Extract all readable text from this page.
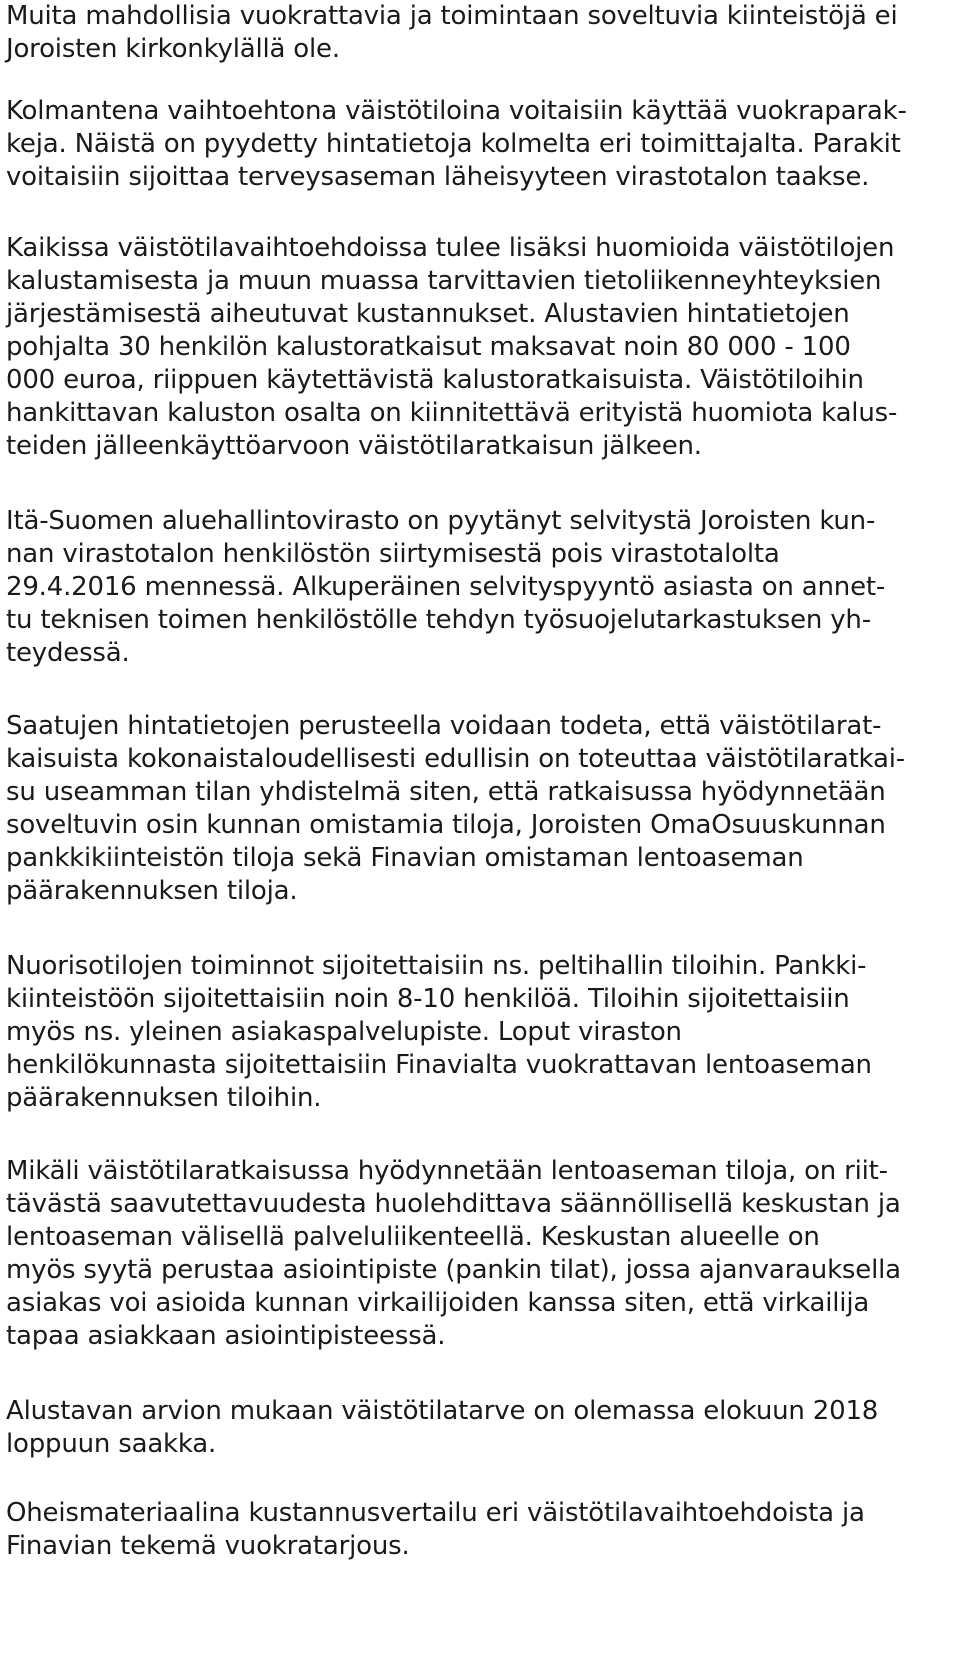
Muita mahdollisia vuokrattavia ja toimintaan soveltuvia kiinteistöjä ei
Joroisten kirkonkylällä ole.
Kolmantena vaihtoehtona väistötiloina voitaisiin käyttää vuokraparak-
keja. Näistä on pyydetty hintatietoja kolmelta eri toimittajalta. Parakit
voitaisiin sijoittaa terveysaseman läheisyyteen virastotalon taakse.
Kaikissa väistötilavaihtoehdoissa tulee lisäksi huomioida väistötilojen
kalustamisesta ja muun muassa tarvittavien tietoliikenneyhteyksien
järjestämisestä aiheutuvat kustannukset. Alustavien hintatietojen
pohjalta 30 henkilön kalustoratkaisut maksavat noin 80 000 - 100
000 euroa, riippuen käytettävistä kalustoratkaisuista. Väistötiloihin
hankittavan kaluston osalta on kiinnitettävä erityistä huomiota kalus-
teiden jälleenkäyttöarvoon väistötilaratkaisun jälkeen.
Itä-Suomen aluehallintovirasto on pyytänyt selvitystä Joroisten kun-
nan virastotalon henkilöstön siirtymisestä pois virastotalolta
29.4.2016 mennessä. Alkuperäinen selvityspyyntö asiasta on annet-
tu teknisen toimen henkilöstölle tehdyn työsuojelutarkastuksen yh-
teydessä.
Saatujen hintatietojen perusteella voidaan todeta, että väistötilarat-
kaisuista kokonaistaloudellisesti edullisin on toteuttaa väistötilaratkai-
su useamman tilan yhdistelmä siten, että ratkaisussa hyödynnetään
soveltuvin osin kunnan omistamia tiloja, Joroisten OmaOsuuskunnan
pankkikiinteistön tiloja sekä Finavian omistaman lentoaseman
päärakennuksen tiloja.
Nuorisotilojen toiminnot sijoitettaisiin ns. peltihallin tiloihin. Pankki-
kiinteistöön sijoitettaisiin noin 8-10 henkilöä. Tiloihin sijoitettaisiin
myös ns. yleinen asiakaspalvelupiste. Loput viraston
henkilökunnasta sijoitettaisiin Finavialta vuokrattavan lentoaseman
päärakennuksen tiloihin.
Mikäli väistötilaratkaisussa hyödynnetään lentoaseman tiloja, on riit-
tävästä saavutettavuudesta huolehdittava säännöllisellä keskustan ja
lentoaseman välisellä palveluliikenteellä. Keskustan alueelle on
myös syytä perustaa asiointipiste (pankin tilat), jossa ajanvarauksella
asiakas voi asioida kunnan virkailijoiden kanssa siten, että virkailija
tapaa asiakkaan asiointipisteessä.
Alustavan arvion mukaan väistötilatarve on olemassa elokuun 2018
loppuun saakka.
Oheismateriaalina kustannusvertailu eri väistötilavaihtoehdoista ja
Finavian tekemä vuokratarjous.
